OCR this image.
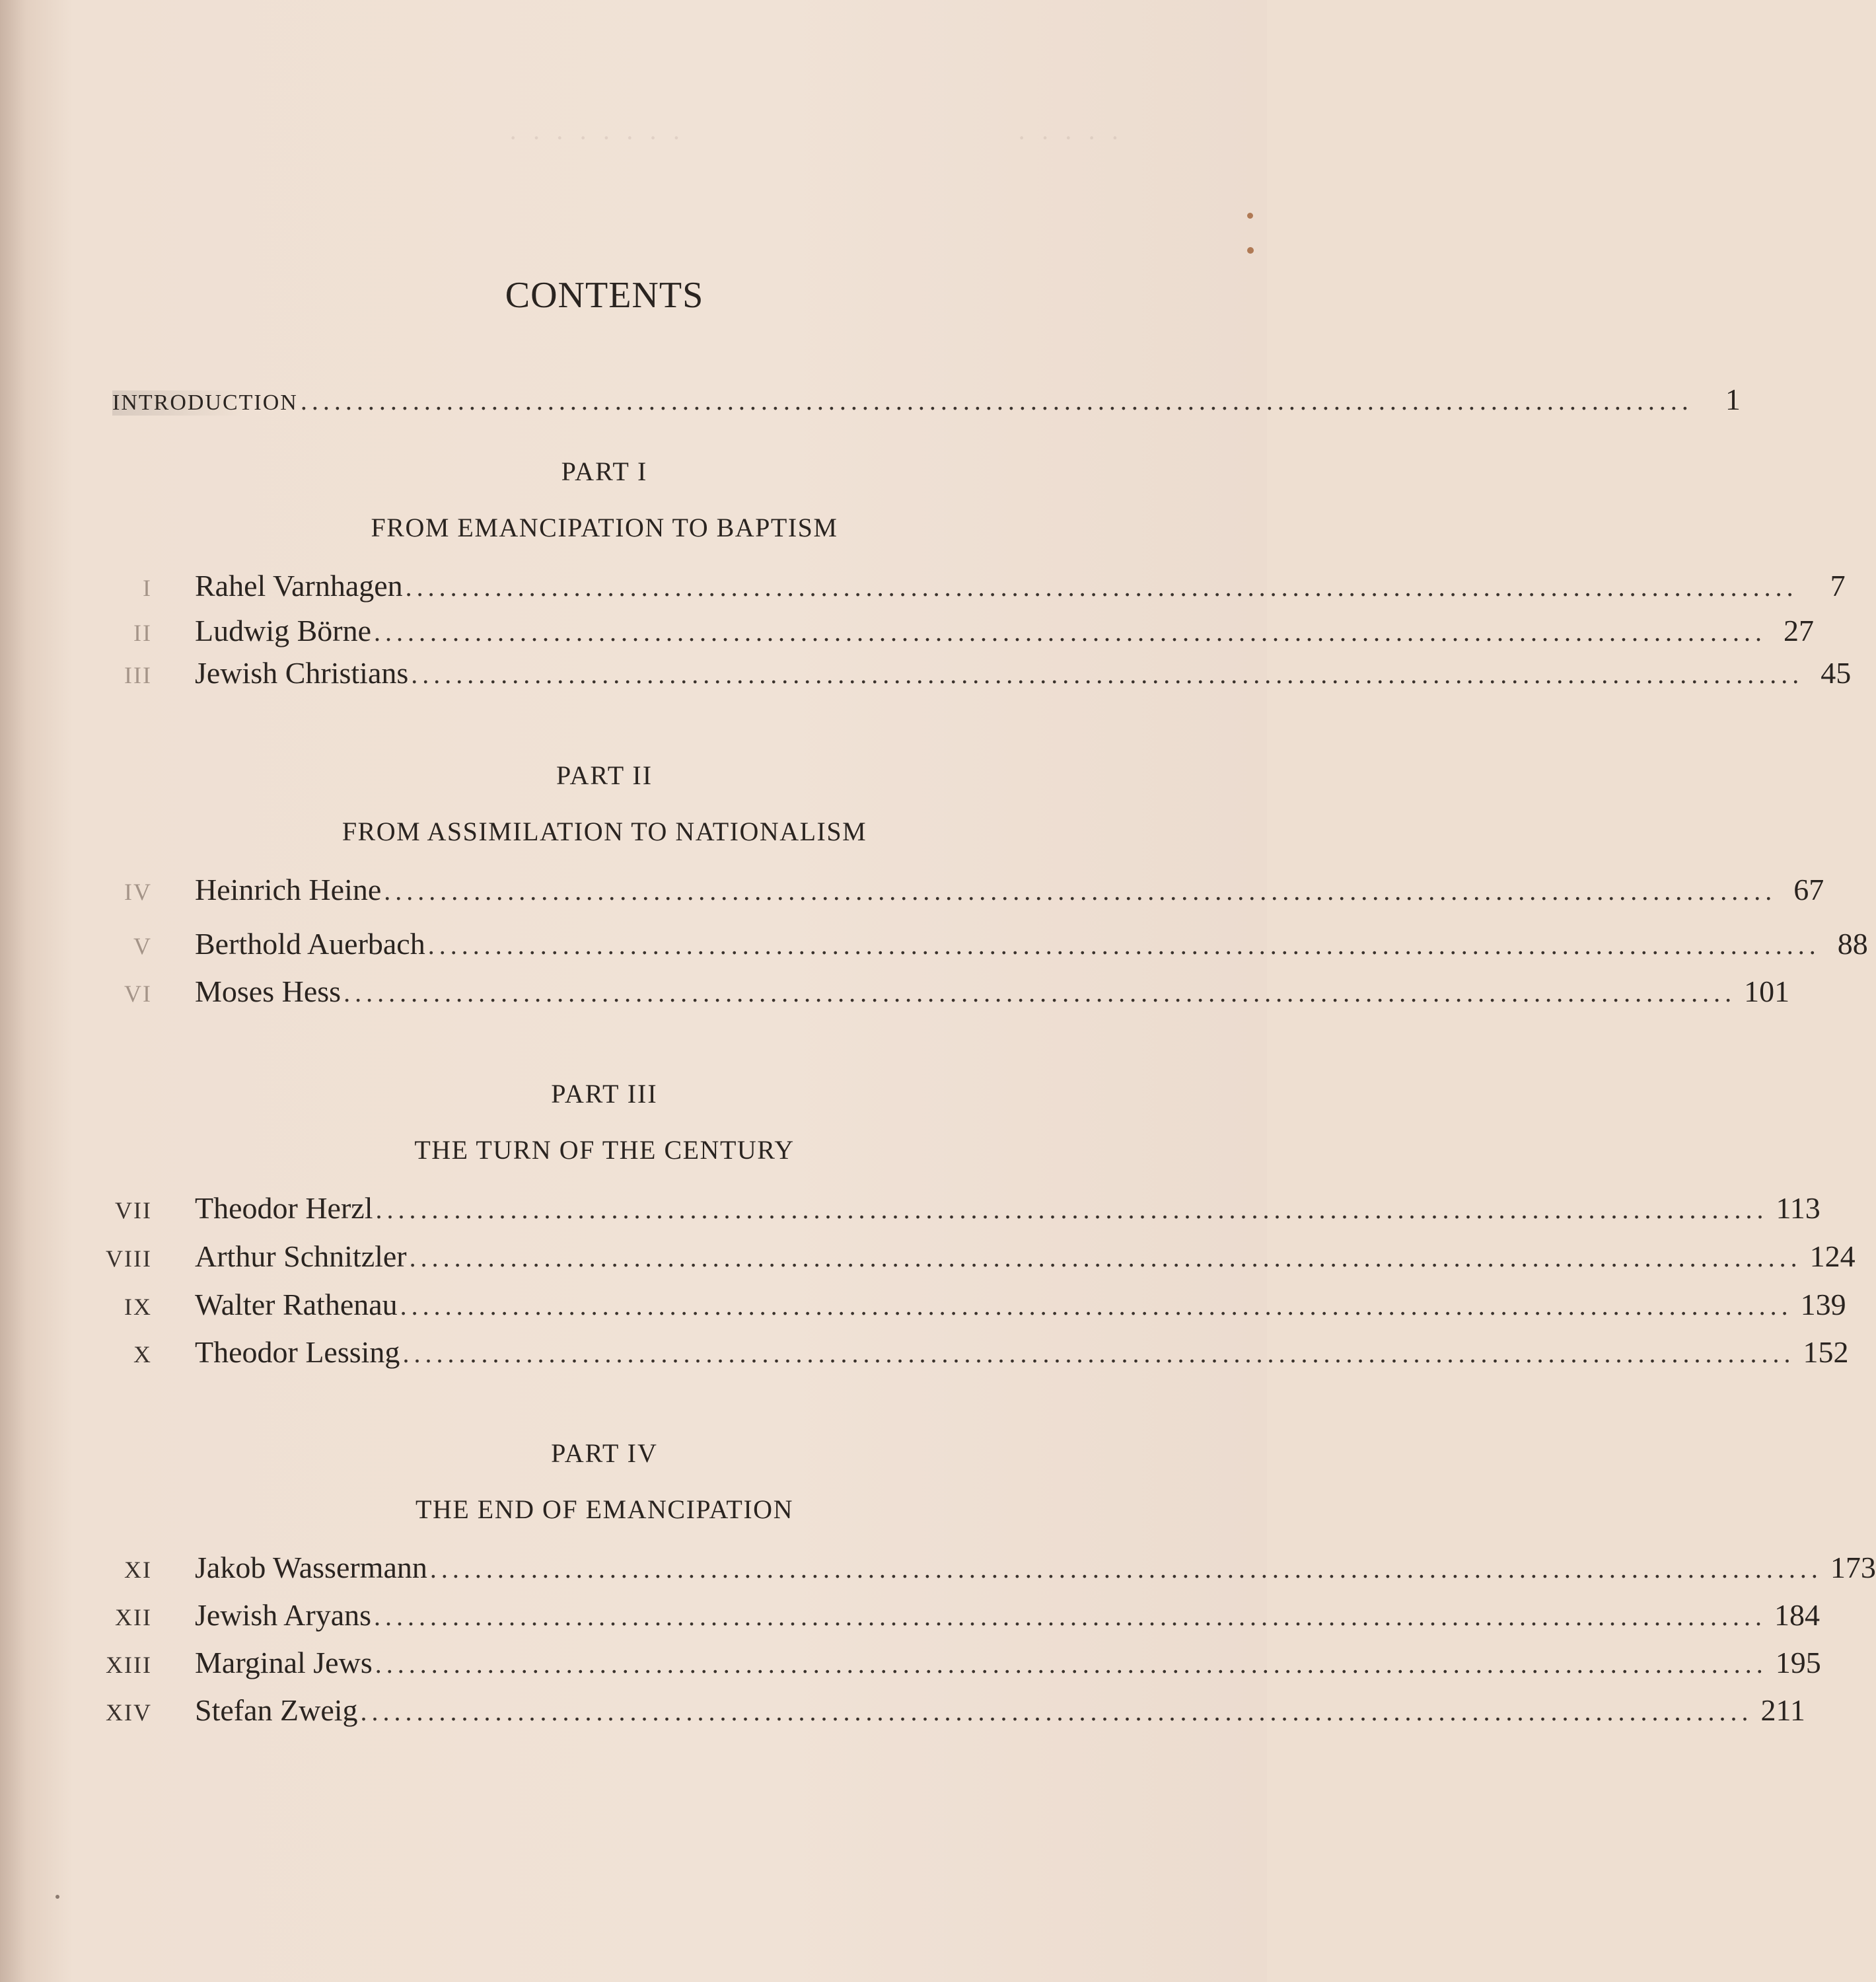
· · · · · · · ·	· · · · ·
CONTENTS
INTRODUCTION ............................................................................................................................	1
PART I
FROM EMANCIPATION TO BAPTISM
I Rahel Varnhagen ............................................................................................................................	7
II Ludwig Börne ............................................................................................................................ 27
III Jewish Christians ............................................................................................................................ 45
PART II
FROM ASSIMILATION TO NATIONALISM
IV Heinrich Heine ............................................................................................................................ 67
V Berthold Auerbach ............................................................................................................................ 88
VI Moses Hess ............................................................................................................................ 101
PART III
THE TURN OF THE CENTURY
VII Theodor Herzl ............................................................................................................................ 113
VIII Arthur Schnitzler ............................................................................................................................ 124
IX Walter Rathenau ............................................................................................................................ 139
X Theodor Lessing ............................................................................................................................ 152
PART IV
THE END OF EMANCIPATION
XI Jakob Wassermann ............................................................................................................................ 173
XII Jewish Aryans ............................................................................................................................ 184
XIII Marginal Jews ............................................................................................................................ 195
XIV Stefan Zweig ............................................................................................................................ 211
